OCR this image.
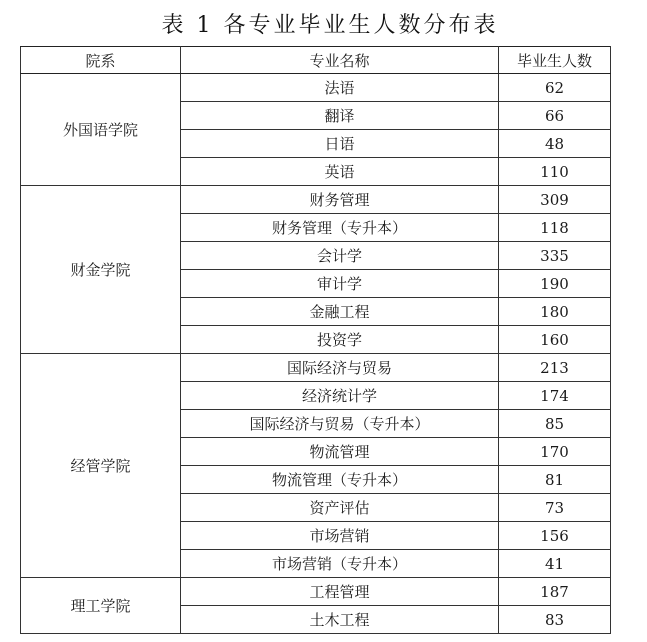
表 1 各专业毕业生人数分布表
院系	专业名称	毕业生人数
外国语学院	法语	62
	翻译	66
	日语	48
	英语	110
财金学院	财务管理	309
	财务管理（专升本）	118
	会计学	335
	审计学	190
	金融工程	180
	投资学	160
经管学院	国际经济与贸易	213
	经济统计学	174
	国际经济与贸易（专升本）	85
	物流管理	170
	物流管理（专升本）	81
	资产评估	73
	市场营销	156
	市场营销（专升本）	41
理工学院	工程管理	187
	土木工程	83
